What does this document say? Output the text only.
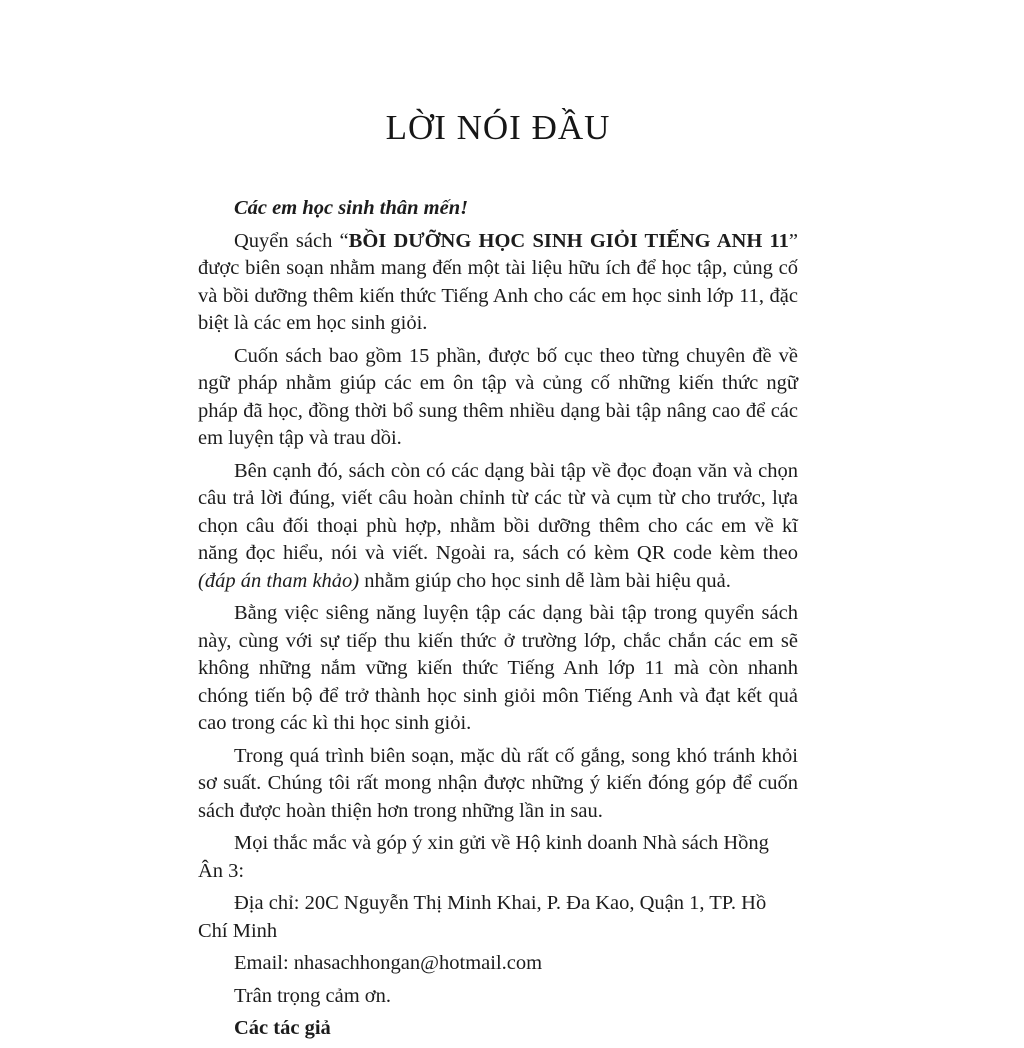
LỜI NÓI ĐẦU

Các em học sinh thân mến!

Quyển sách “BỒI DƯỠNG HỌC SINH GIỎI TIẾNG ANH 11” được biên soạn nhằm mang đến một tài liệu hữu ích để học tập, củng cố và bồi dưỡng thêm kiến thức Tiếng Anh cho các em học sinh lớp 11, đặc biệt là các em học sinh giỏi.

Cuốn sách bao gồm 15 phần, được bố cục theo từng chuyên đề về ngữ pháp nhằm giúp các em ôn tập và củng cố những kiến thức ngữ pháp đã học, đồng thời bổ sung thêm nhiều dạng bài tập nâng cao để các em luyện tập và trau dồi.

Bên cạnh đó, sách còn có các dạng bài tập về đọc đoạn văn và chọn câu trả lời đúng, viết câu hoàn chỉnh từ các từ và cụm từ cho trước, lựa chọn câu đối thoại phù hợp, nhằm bồi dưỡng thêm cho các em về kĩ năng đọc hiểu, nói và viết. Ngoài ra, sách có kèm QR code kèm theo (đáp án tham khảo) nhằm giúp cho học sinh dễ làm bài hiệu quả.

Bằng việc siêng năng luyện tập các dạng bài tập trong quyển sách này, cùng với sự tiếp thu kiến thức ở trường lớp, chắc chắn các em sẽ không những nắm vững kiến thức Tiếng Anh lớp 11 mà còn nhanh chóng tiến bộ để trở thành học sinh giỏi môn Tiếng Anh và đạt kết quả cao trong các kì thi học sinh giỏi.

Trong quá trình biên soạn, mặc dù rất cố gắng, song khó tránh khỏi sơ suất. Chúng tôi rất mong nhận được những ý kiến đóng góp để cuốn sách được hoàn thiện hơn trong những lần in sau.

Mọi thắc mắc và góp ý xin gửi về Hộ kinh doanh Nhà sách Hồng Ân 3:

Địa chỉ: 20C Nguyễn Thị Minh Khai, P. Đa Kao, Quận 1, TP. Hồ Chí Minh

Email: nhasachhongan@hotmail.com

Trân trọng cảm ơn.

Các tác giả
